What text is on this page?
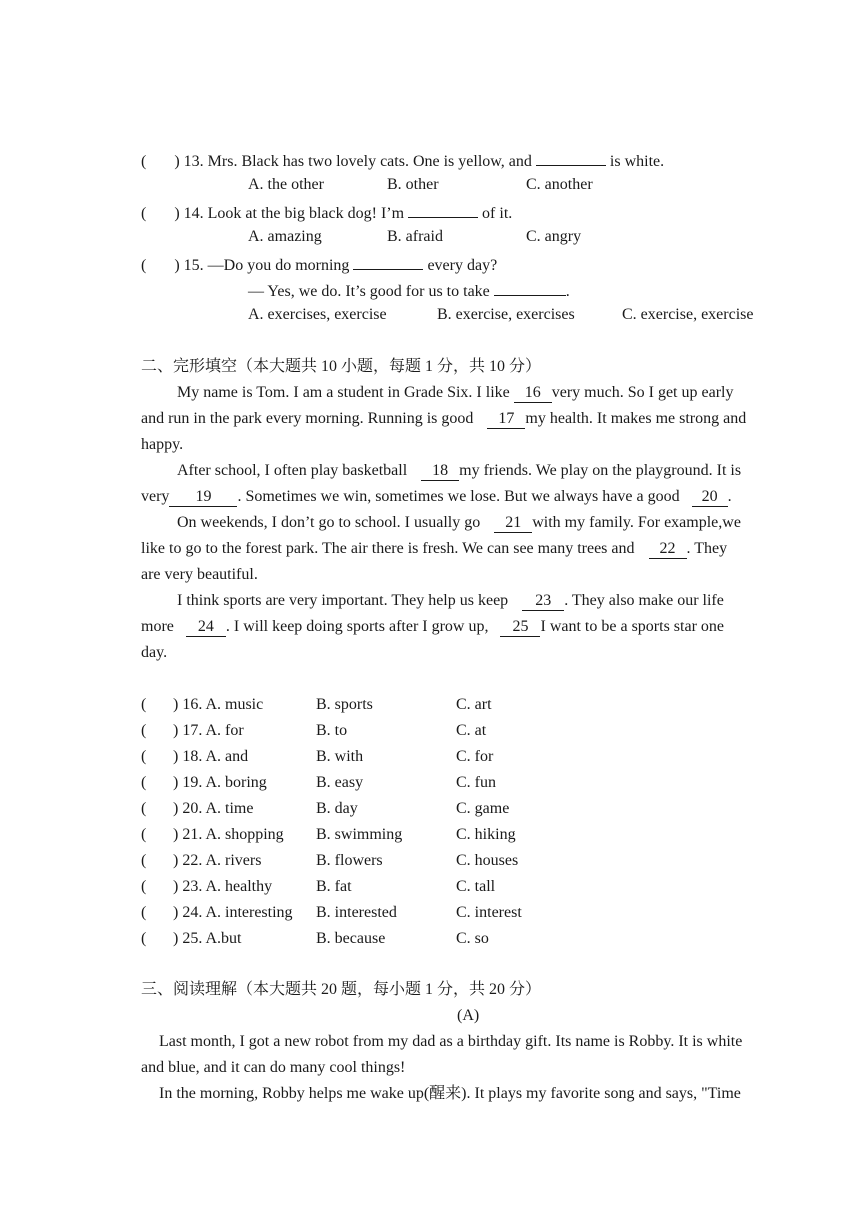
( ) 13. Mrs. Black has two lovely cats. One is yellow, and	is white.
A. the other	B. other	C. another
( ) 14. Look at the big black dog! I’m	of it.
A. amazing	B. afraid	C. angry
( ) 15. —Do you do morning	every day?
— Yes, we do. It’s good for us to take	.
A. exercises, exercise	B. exercise, exercises	C. exercise, exercise
二、完形填空（本大题共 10 小题，每题 1 分，共 10 分）
My name is Tom. I am a student in Grade Six. I like 16 very much. So I get up early
and run in the park every morning. Running is good 17 my health. It makes me strong and
happy.
After school, I often play basketball 18 my friends. We play on the playground. It is
very 19 . Sometimes we win, sometimes we lose. But we always have a good 20 .
On weekends, I don’t go to school. I usually go 21 with my family. For example,we
like to go to the forest park. The air there is fresh. We can see many trees and 22 . They
are very beautiful.
I think sports are very important. They help us keep 23 . They also make our life
more 24 . I will keep doing sports after I grow up, 25 I want to be a sports star one
day.
( ) 16. A. music	B. sports	C. art
( ) 17. A. for	B. to	C. at
( ) 18. A. and	B. with	C. for
( ) 19. A. boring	B. easy	C. fun
( ) 20. A. time	B. day	C. game
( ) 21. A. shopping B. swimming	C. hiking
( ) 22. A. rivers	B. flowers	C. houses
( ) 23. A. healthy	B. fat	C. tall
( ) 24. A. interesting B. interested	C. interest
( ) 25. A.but	B. because	C. so
三、阅读理解（本大题共 20 题，每小题 1 分，共 20 分）
(A)
Last month, I got a new robot from my dad as a birthday gift. Its name is Robby. It is white
and blue, and it can do many cool things!
In the morning, Robby helps me wake up(醒来). It plays my favorite song and says, "Time
